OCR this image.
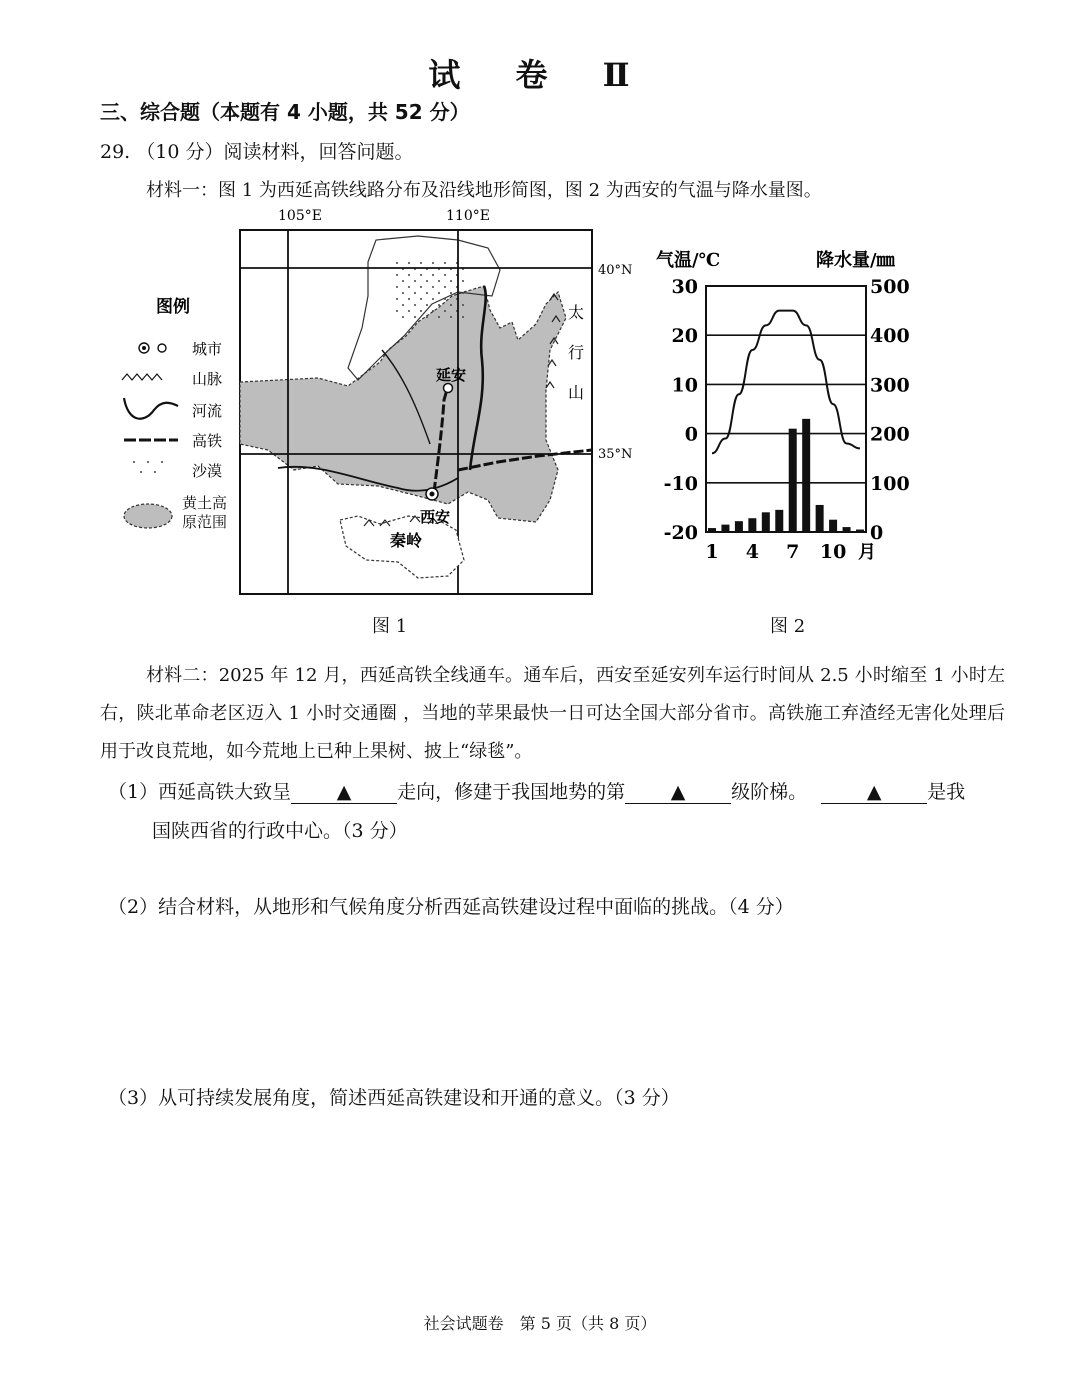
试 卷 Ⅱ
三、综合题（本题有 4 小题，共 52 分）
29. （10 分）阅读材料，回答问题。
材料一：图 1 为西延高铁线路分布及沿线地形简图，图 2 为西安的气温与降水量图。
105°E	110°E
太
行
山
延安
西安
秦岭
40°N
35°N
图例
城市
山脉
河流
高铁
沙漠
黄土高原范围
图 1
气温/℃	降水量/㎜
-20
-10
0
10
20
30
0
100
200
300
400
500
1 4 7 10 月
图 2
材料二：2025 年 12 月，西延高铁全线通车。通车后，西安至延安列车运行时间从 2.5 小时缩至 1 小时左右，陕北革命老区迈入 1 小时交通圈 ，当地的苹果最快一日可达全国大部分省市。高铁施工弃渣经无害化处理后用于改良荒地，如今荒地上已种上果树、披上“绿毯”。
（1）西延高铁大致呈 ▲ 走向，修建于我国地势的第 ▲ 级阶梯。	▲ 是我
国陕西省的行政中心。（3 分）
（2）结合材料，从地形和气候角度分析西延高铁建设过程中面临的挑战。（4 分）
（3）从可持续发展角度，简述西延高铁建设和开通的意义。（3 分）
社会试题卷　第 5 页（共 8 页）
